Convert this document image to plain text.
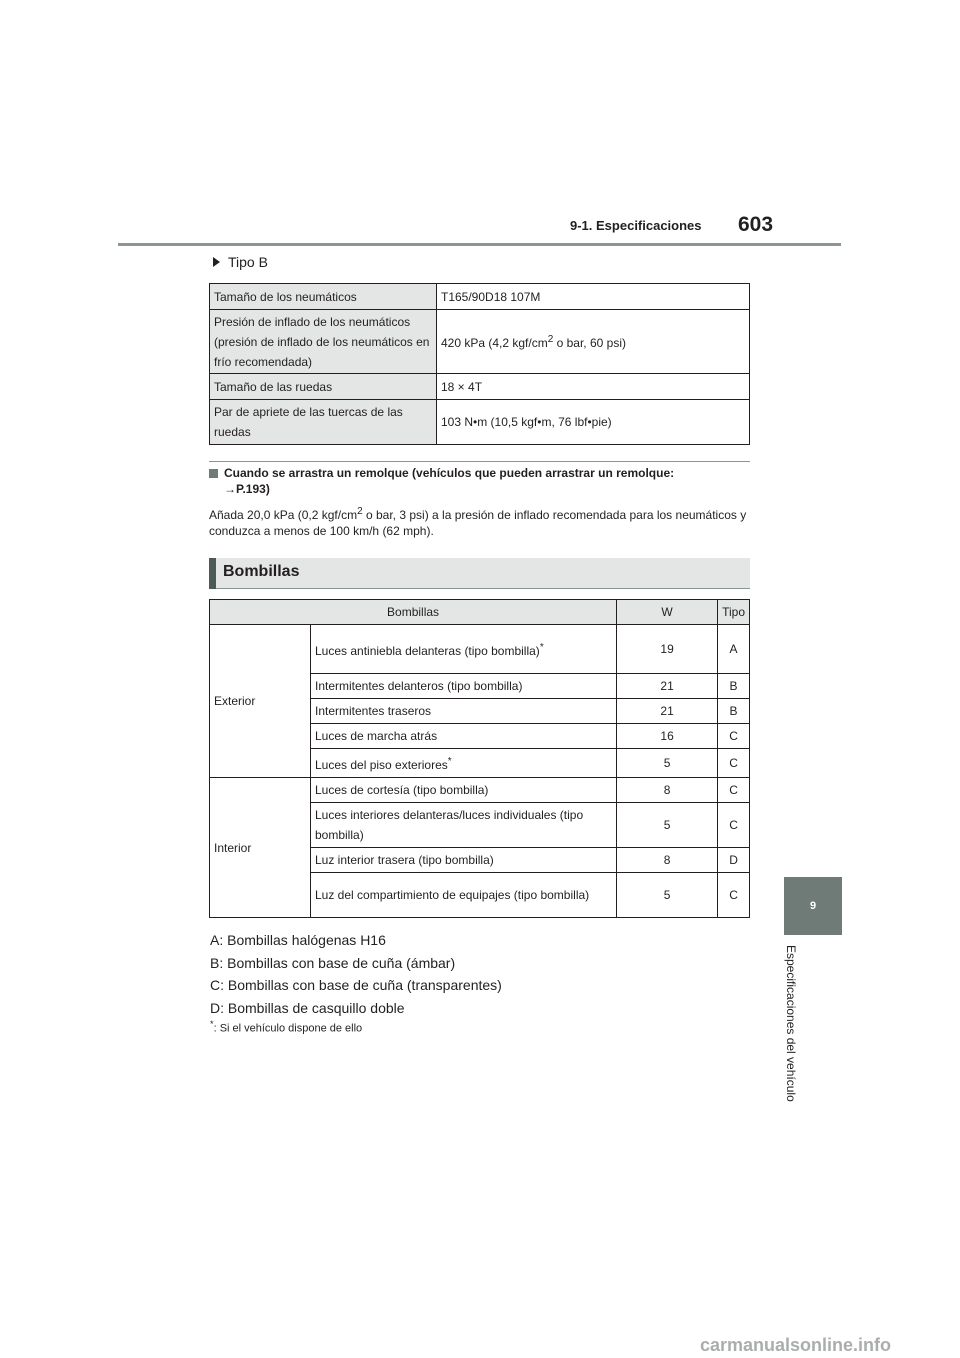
9-1. Especificaciones 603
9
Especificaciones del vehículo
Tipo B
Tamaño de los neumáticos	T165/90D18 107M
Presión de inflado de los neumáticos (presión de inflado de los neumáticos en frío recomendada)	420 kPa (4,2 kgf/$cm^2$ o bar, 60 psi)
Tamaño de las ruedas	18 × 4T
Par de apriete de las tuercas de las ruedas	103 N•m (10,5 kgf•m, 76 lbf•pie)
Cuando se arrastra un remolque (vehículos que pueden arrastrar un remolque:
→P.193)
Añada 20,0 kPa (0,2 kgf/$cm^2$ o bar, 3 psi) a la presión de inflado recomendada para los neumáticos y conduzca a menos de 100 km/h (62 mph).
Bombillas
Bombillas		W	Tipo
Exterior	Luces antiniebla delanteras (tipo bombilla)*	19	A
	Intermitentes delanteros (tipo bombilla)	21	B
	Intermitentes traseros	21	B
	Luces de marcha atrás	16	C
	Luces del piso exteriores*	5	C
Interior	Luces de cortesía (tipo bombilla)	8	C
	Luces interiores delanteras/luces individuales (tipo bombilla)	5	C
	Luz interior trasera (tipo bombilla)	8	D
	Luz del compartimiento de equipajes (tipo bombilla)	5	C
A: Bombillas halógenas H16
B: Bombillas con base de cuña (ámbar)
C: Bombillas con base de cuña (transparentes)
D: Bombillas de casquillo doble
*: Si el vehículo dispone de ello
carmanualsonline.info
